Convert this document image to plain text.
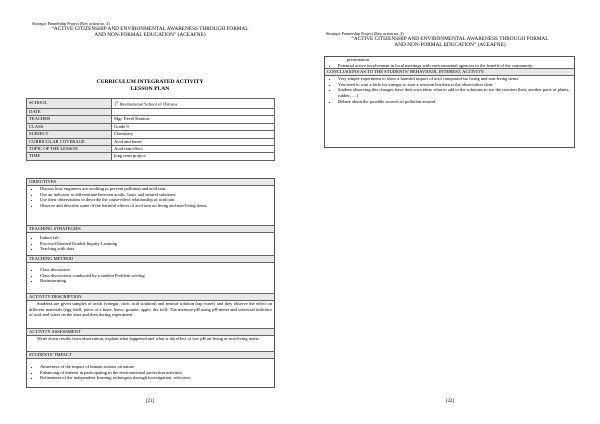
Strategic Partnership Project (Key action no. 2)
“ACTIVE CITIZENSHIP AND ENVIRONMENTAL AWARENESS THROUGH FORMAL
AND NON-FORMAL EDUCATION” (ACEAFNE)
CURRICULUM INTEGRATED ACTIVITY
LESSON PLAN
SCHOOL	1st International School of Ostrava
DATE	
TEACHER	Mgr. Pavel Kanicar
CLASS	Grade 9
SUBJECT	Chemistry
CURRICULAR COVERAGE	Acid and bases
TOPIC OF THE LESSON	Acid rain effect
TIME	long term project
OBJECTIVES
• Discuss how engineers are working to prevent pollution and acid rain.
• Use an indicator to differentiate between acidic, basic and neutral solutions.
• Use their observations to describe the cause-effect relationship of acid rain.
• Observe and describe some of the harmful effects of acid rain on living and non-living items.
TEACHING STRATEGIES
• Indoor lab
• Process-Oriented Guided Inquiry Learning
• Teaching with data
TEACHING METHOD
• Class discussion
• Class discussions conducted by a student Problem solving
• Brainstorming
ACTIVITY DESCRIPTION

Students are given samples of acids (vinegar, citric acid solution) and neutral solution (tap water) and they observe the effect on different materials (egg shell, piece of a bone, leave, granite, apple, dia foil). The measure pH using pH meter and universal indicator of acid and water on the start and then during experiment.

ACTIVITY ASSESSMENT

Write down results from observation, explain what happened and what is the effect of low pH on living or non-living items.

STUDENTS’ IMPACT
• Awareness of the impact of human actions on nature
• Enhancing of interest in participating in the environmental protection activities
• Refinement of the independent learning techniques through investigation, selection,
[21]
Strategic Partnership Project (Key action no. 2)
“ACTIVE CITIZENSHIP AND ENVIRONMENTAL AWARENESS THROUGH FORMAL
AND NON-FORMAL EDUCATION” (ACEAFNE)
presentation
• Potential active involvement in local meetings with environmental agencies to the benefit of the community
CONCLUSIONS AS TO THE STUDENTS’ BEHAVIOUR, INTEREST, ACTIVITY:
• Very simple experiment to show a harmful impact of acid compound sto living and non-living items
• You need to wait a little for vinegar to start a reaction but then is the observation clear.
• Student observing this changes have their own ideas what to add to the solutions to see the reaction (hair, another parts of plants, rubber, …)
• Debate about the possible sources of pollution around.
[22]
